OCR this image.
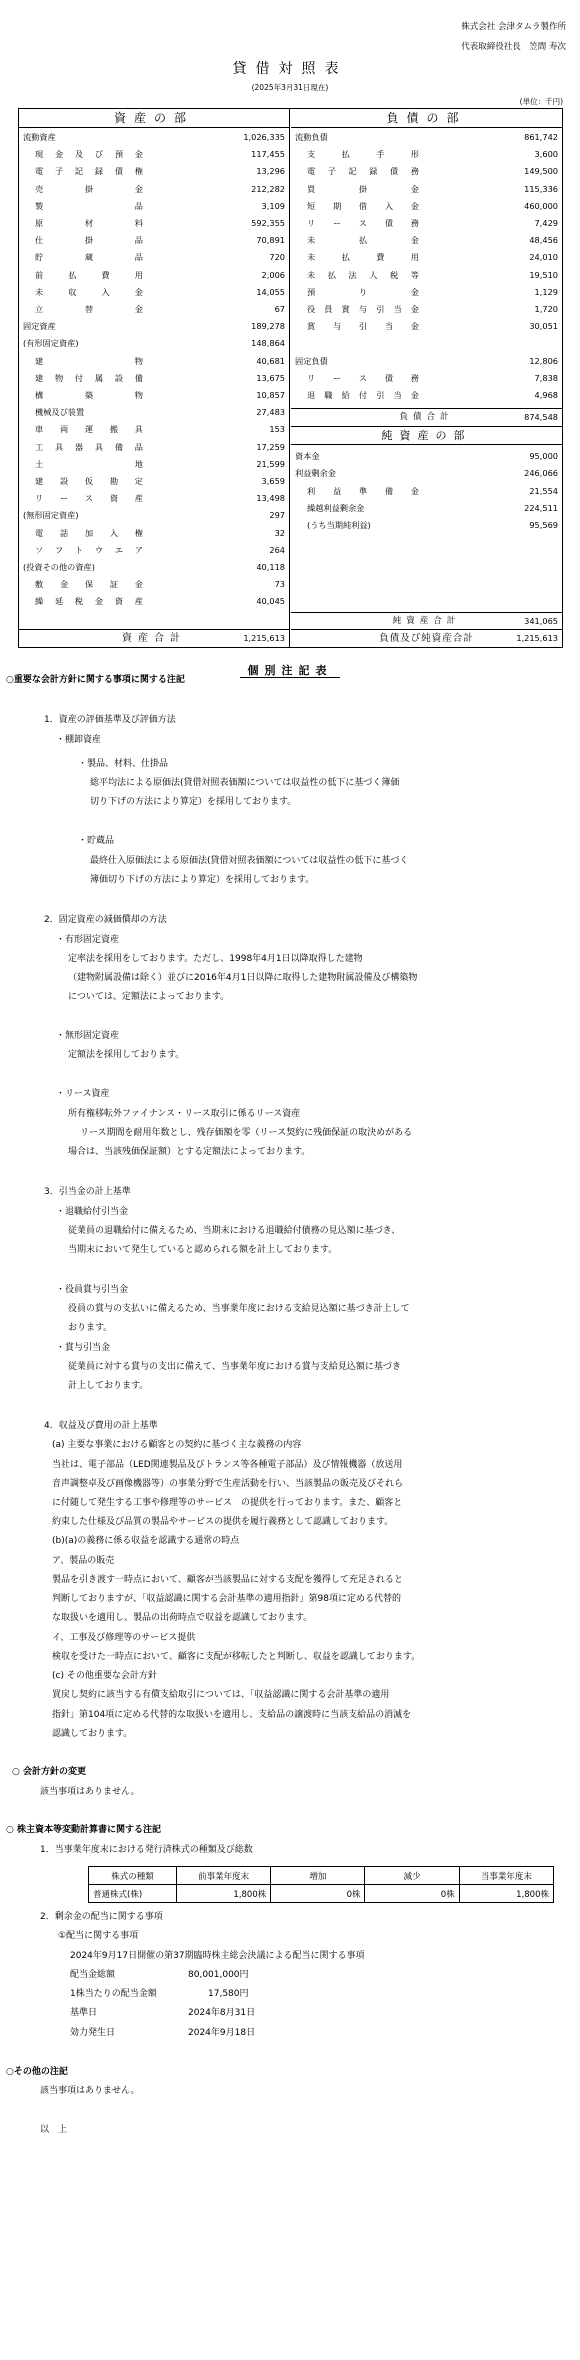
株式会社 会津タムラ製作所
代表取締役社長　笠間 寿次
貸借対照表
(2025年3月31日現在)
(単位：千円)
資産の部
流動資産	1,026,335
現 金 及 び 預 金	117,455
電 子 記 録 債 権	13,296
売	掛	金	212,282
製	品	3,109
原	材	料	592,355
仕	掛	品	70,891
貯	蔵	品	720
前	払	費	用	2,006
未	収	入	金	14,055
立	替	金	67
固定資産	189,278
(有形固定資産)	148,864
建	物	40,681
建 物 付 属 設 備	13,675
構	築	物	10,857
機械及び装置	27,483
車 両 運 搬 具	153
工 具 器 具 備 品	17,259
土	地	21,599
建 設 仮 勘 定	3,659
リ ー ス 資 産	13,498
(無形固定資産)	297
電 話 加 入 権	32
ソ フ ト ウ エ ア	264
(投資その他の資産)	40,118
敷 金 保 証 金	73
繰 延 税 金 資 産	40,045
資産合計	1,215,613
負債の部
流動負債	861,742
支	払	手	形	3,600
電 子 記 録 債 務	149,500
買	掛	金	115,336
短 期 借 入 金	460,000
リ ー ス 債 務	7,429
未	払	金	48,456
未	払	費	用	24,010
未 払 法 人 税 等	19,510
預	り	金	1,129
役 員 賞 与 引 当 金	1,720
賞 与 引 当 金	30,051
固定負債	12,806
リ ー ス 債 務	7,838
退 職 給 付 引 当 金	4,968
負債合計	874,548
純資産の部
資本金	95,000
利益剰余金	246,066
利 益 準 備 金	21,554
繰越利益剰余金	224,511
(うち当期純利益)	95,569
純資産合計	341,065
負債及び純資産合計	1,215,613
個別注記表
○重要な会計方針に関する事項に関する注記
1．資産の評価基準及び評価方法
・棚卸資産
・製品、材料、仕掛品
総平均法による原価法(貸借対照表価額については収益性の低下に基づく簿価
切り下げの方法により算定）を採用しております。
・貯蔵品
最終仕入原価法による原価法(貸借対照表価額については収益性の低下に基づく
簿価切り下げの方法により算定）を採用しております。
2．固定資産の減価償却の方法
・有形固定資産
定率法を採用をしております。ただし、1998年4月1日以降取得した建物
（建物附属設備は除く）並びに2016年4月1日以降に取得した建物附属設備及び構築物
については、定額法によっております。
・無形固定資産
定額法を採用しております。
・リース資産
所有権移転外ファイナンス・リース取引に係るリース資産
リース期間を耐用年数とし、残存価額を零（リース契約に残価保証の取決めがある
場合は、当該残価保証額）とする定額法によっております。
3．引当金の計上基準
・退職給付引当金
従業員の退職給付に備えるため、当期末における退職給付債務の見込額に基づき、
当期末において発生していると認められる額を計上しております。
・役員賞与引当金
役員の賞与の支払いに備えるため、当事業年度における支給見込額に基づき計上して
おります。
・賞与引当金
従業員に対する賞与の支出に備えて、当事業年度における賞与支給見込額に基づき
計上しております。
4．収益及び費用の計上基準
(a) 主要な事業における顧客との契約に基づく主な義務の内容
当社は、電子部品（LED関連製品及びトランス等各種電子部品）及び情報機器（放送用
音声調整卓及び画像機器等）の事業分野で生産活動を行い、当該製品の販売及びそれら
に付随して発生する工事や修理等のサービス　の提供を行っております。また、顧客と
約束した仕様及び品質の製品やサービスの提供を履行義務として認識しております。
(b)(a)の義務に係る収益を認識する通常の時点
ア、製品の販売
製品を引き渡す一時点において、顧客が当該製品に対する支配を獲得して充足されると
判断しておりますが、「収益認識に関する会計基準の適用指針」第98項に定める代替的
な取扱いを適用し、製品の出荷時点で収益を認識しております。
イ、工事及び修理等のサービス提供
検収を受けた一時点において、顧客に支配が移転したと判断し、収益を認識しております。
(c) その他重要な会計方針
買戻し契約に該当する有償支給取引については、「収益認識に関する会計基準の適用
指針」第104項に定める代替的な取扱いを適用し、支給品の譲渡時に当該支給品の消滅を
認識しております。
○ 会計方針の変更
該当事項はありません。
○ 株主資本等変動計算書に関する注記
1．当事業年度末における発行済株式の種類及び総数
2．剰余金の配当に関する事項
①配当に関する事項
2024年9月17日開催の第37期臨時株主総会決議による配当に関する事項
配当金総額	80,001,000円
1株当たりの配当金額	17,580円
基準日	2024年8月31日
効力発生日	2024年9月18日
○その他の注記
該当事項はありません。
以　上
株式の種類	前事業年度末	増加	減少	当事業年度末
普通株式(株)	1,800株	0株	0株	1,800株
